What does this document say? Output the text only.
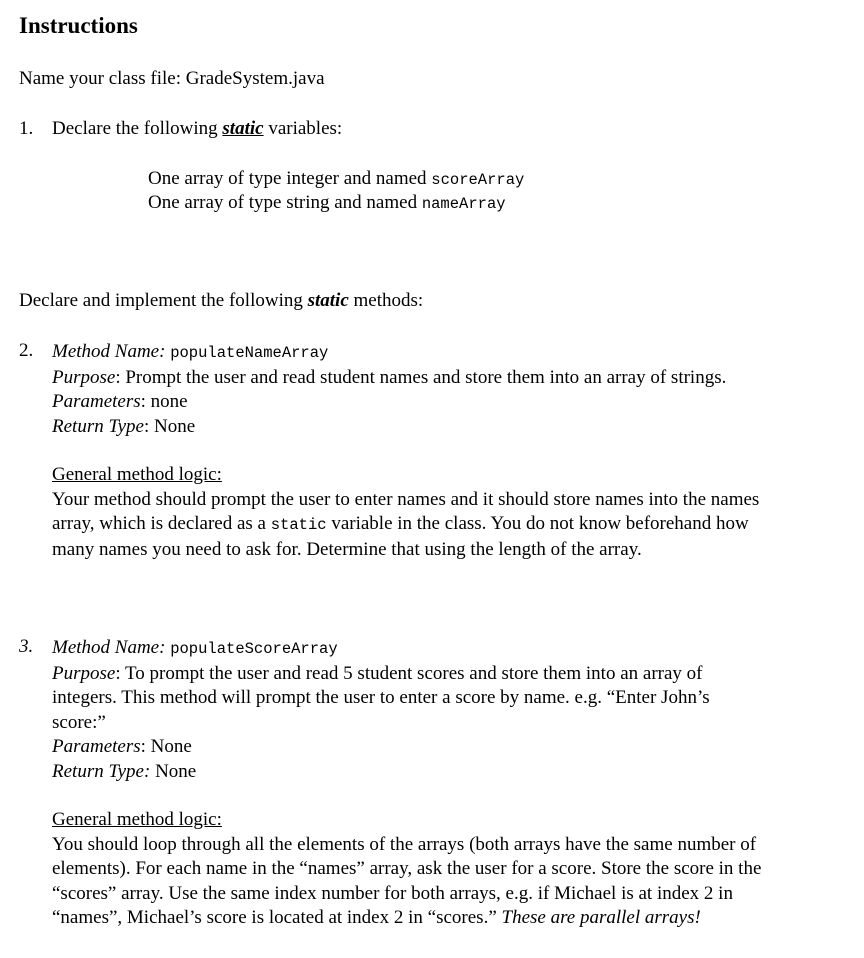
Instructions
Name your class file: GradeSystem.java
1. Declare the following static variables:
One array of type integer and named scoreArray
One array of type string and named nameArray
Declare and implement the following static methods:
2. Method Name: populateNameArray
Purpose: Prompt the user and read student names and store them into an array of strings.
Parameters: none
Return Type: None
General method logic:
Your method should prompt the user to enter names and it should store names into the names
array, which is declared as a static variable in the class. You do not know beforehand how
many names you need to ask for. Determine that using the length of the array.
3. Method Name: populateScoreArray
Purpose: To prompt the user and read 5 student scores and store them into an array of
integers. This method will prompt the user to enter a score by name. e.g. “Enter John’s
score:”
Parameters: None
Return Type: None
General method logic:
You should loop through all the elements of the arrays (both arrays have the same number of
elements). For each name in the “names” array, ask the user for a score. Store the score in the
“scores” array. Use the same index number for both arrays, e.g. if Michael is at index 2 in
“names”, Michael’s score is located at index 2 in “scores.” These are parallel arrays!
